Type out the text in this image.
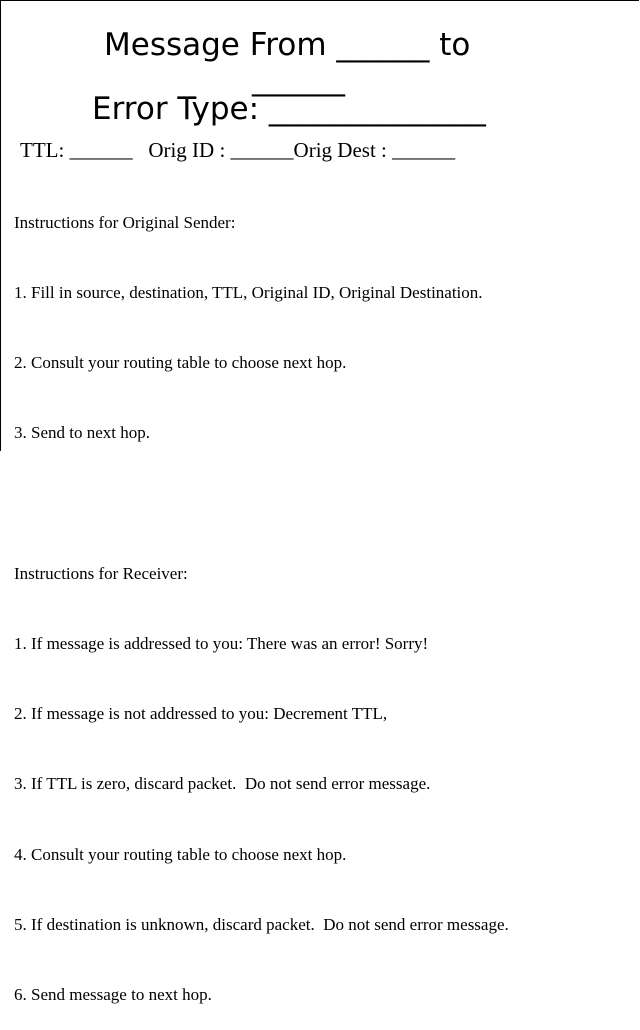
Message From ______ to
______
Error Type: ______________
TTL: ______   Orig ID : ______Orig Dest : ______

Instructions for Original Sender:

1. Fill in source, destination, TTL, Original ID, Original Destination.

2. Consult your routing table to choose next hop.

3. Send to next hop.

Instructions for Receiver:

1. If message is addressed to you: There was an error! Sorry!

2. If message is not addressed to you: Decrement TTL,

3. If TTL is zero, discard packet.  Do not send error message.

4. Consult your routing table to choose next hop.

5. If destination is unknown, discard packet.  Do not send error message.

6. Send message to next hop.
